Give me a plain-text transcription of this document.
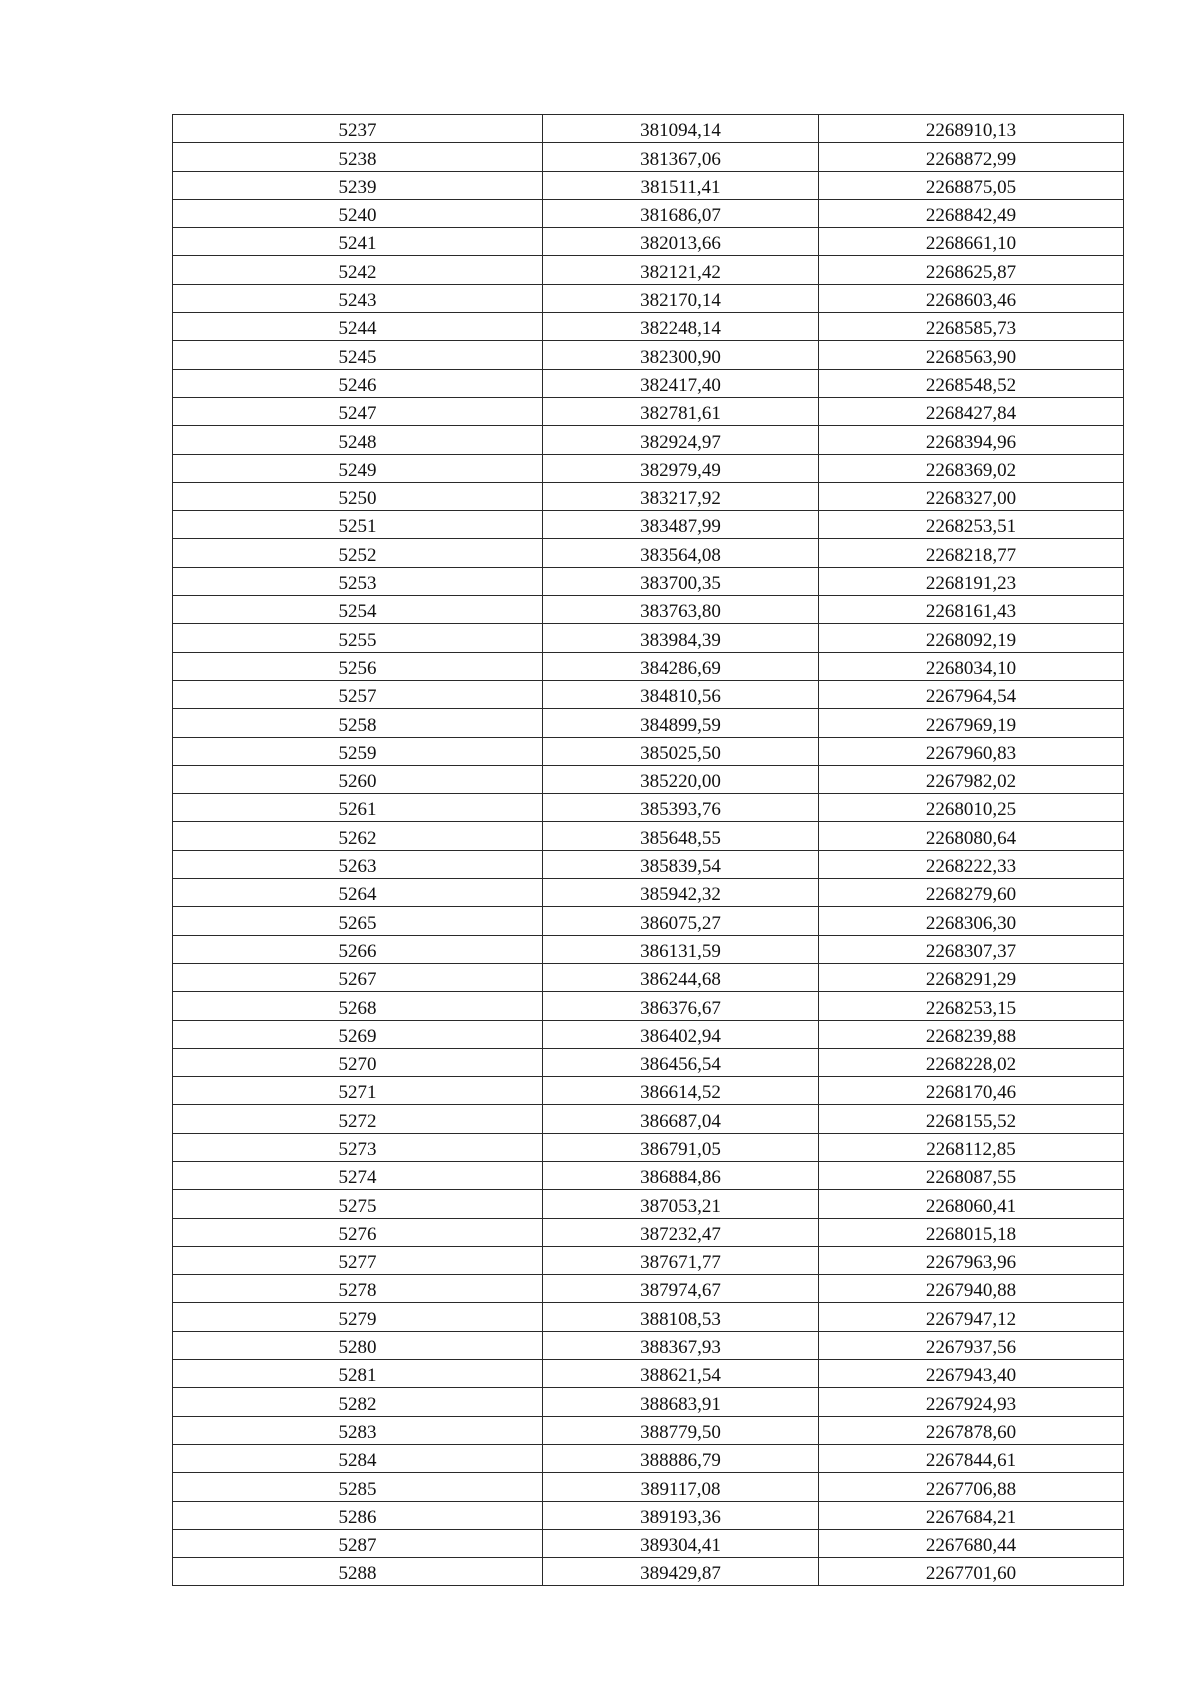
5237	381094,14	2268910,13
5238	381367,06	2268872,99
5239	381511,41	2268875,05
5240	381686,07	2268842,49
5241	382013,66	2268661,10
5242	382121,42	2268625,87
5243	382170,14	2268603,46
5244	382248,14	2268585,73
5245	382300,90	2268563,90
5246	382417,40	2268548,52
5247	382781,61	2268427,84
5248	382924,97	2268394,96
5249	382979,49	2268369,02
5250	383217,92	2268327,00
5251	383487,99	2268253,51
5252	383564,08	2268218,77
5253	383700,35	2268191,23
5254	383763,80	2268161,43
5255	383984,39	2268092,19
5256	384286,69	2268034,10
5257	384810,56	2267964,54
5258	384899,59	2267969,19
5259	385025,50	2267960,83
5260	385220,00	2267982,02
5261	385393,76	2268010,25
5262	385648,55	2268080,64
5263	385839,54	2268222,33
5264	385942,32	2268279,60
5265	386075,27	2268306,30
5266	386131,59	2268307,37
5267	386244,68	2268291,29
5268	386376,67	2268253,15
5269	386402,94	2268239,88
5270	386456,54	2268228,02
5271	386614,52	2268170,46
5272	386687,04	2268155,52
5273	386791,05	2268112,85
5274	386884,86	2268087,55
5275	387053,21	2268060,41
5276	387232,47	2268015,18
5277	387671,77	2267963,96
5278	387974,67	2267940,88
5279	388108,53	2267947,12
5280	388367,93	2267937,56
5281	388621,54	2267943,40
5282	388683,91	2267924,93
5283	388779,50	2267878,60
5284	388886,79	2267844,61
5285	389117,08	2267706,88
5286	389193,36	2267684,21
5287	389304,41	2267680,44
5288	389429,87	2267701,60
